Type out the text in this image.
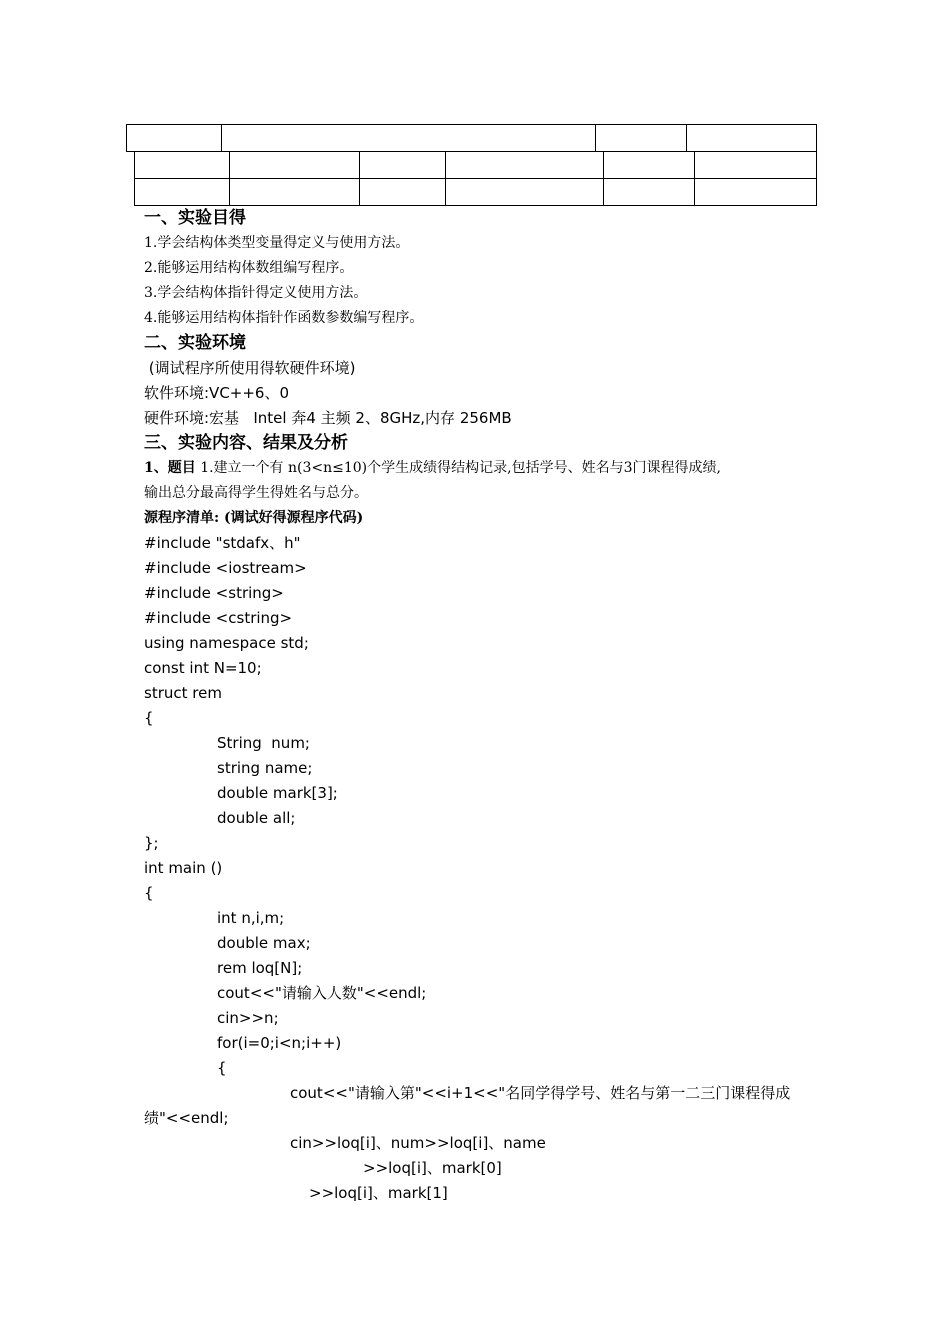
一、实验目得
1.学会结构体类型变量得定义与使用方法。
2.能够运用结构体数组编写程序。
3.学会结构体指针得定义使用方法。
4.能够运用结构体指针作函数参数编写程序。
二、实验环境
(调试程序所使用得软硬件环境)
软件环境:VC++6、0
硬件环境:宏基   Intel 奔4 主频 2、8GHz,内存 256MB
三、实验内容、结果及分析
1、题目 1.建立一个有 n(3<n≤10)个学生成绩得结构记录,包括学号、姓名与3门课程得成绩,
输出总分最高得学生得姓名与总分。
源程序清单: (调试好得源程序代码)
#include "stdafx、h"
#include <iostream>
#include <string>
#include <cstring>
using namespace std;
const int N=10;
struct rem
{
String  num;
string name;
double mark[3];
double all;
};
int main ()
{
int n,i,m;
double max;
rem loq[N];
cout<<"请输入人数"<<endl;
cin>>n;
for(i=0;i<n;i++)
{
cout<<"请输入第"<<i+1<<"名同学得学号、姓名与第一二三门课程得成
绩"<<endl;
cin>>loq[i]、num>>loq[i]、name
>>loq[i]、mark[0]
>>loq[i]、mark[1]
